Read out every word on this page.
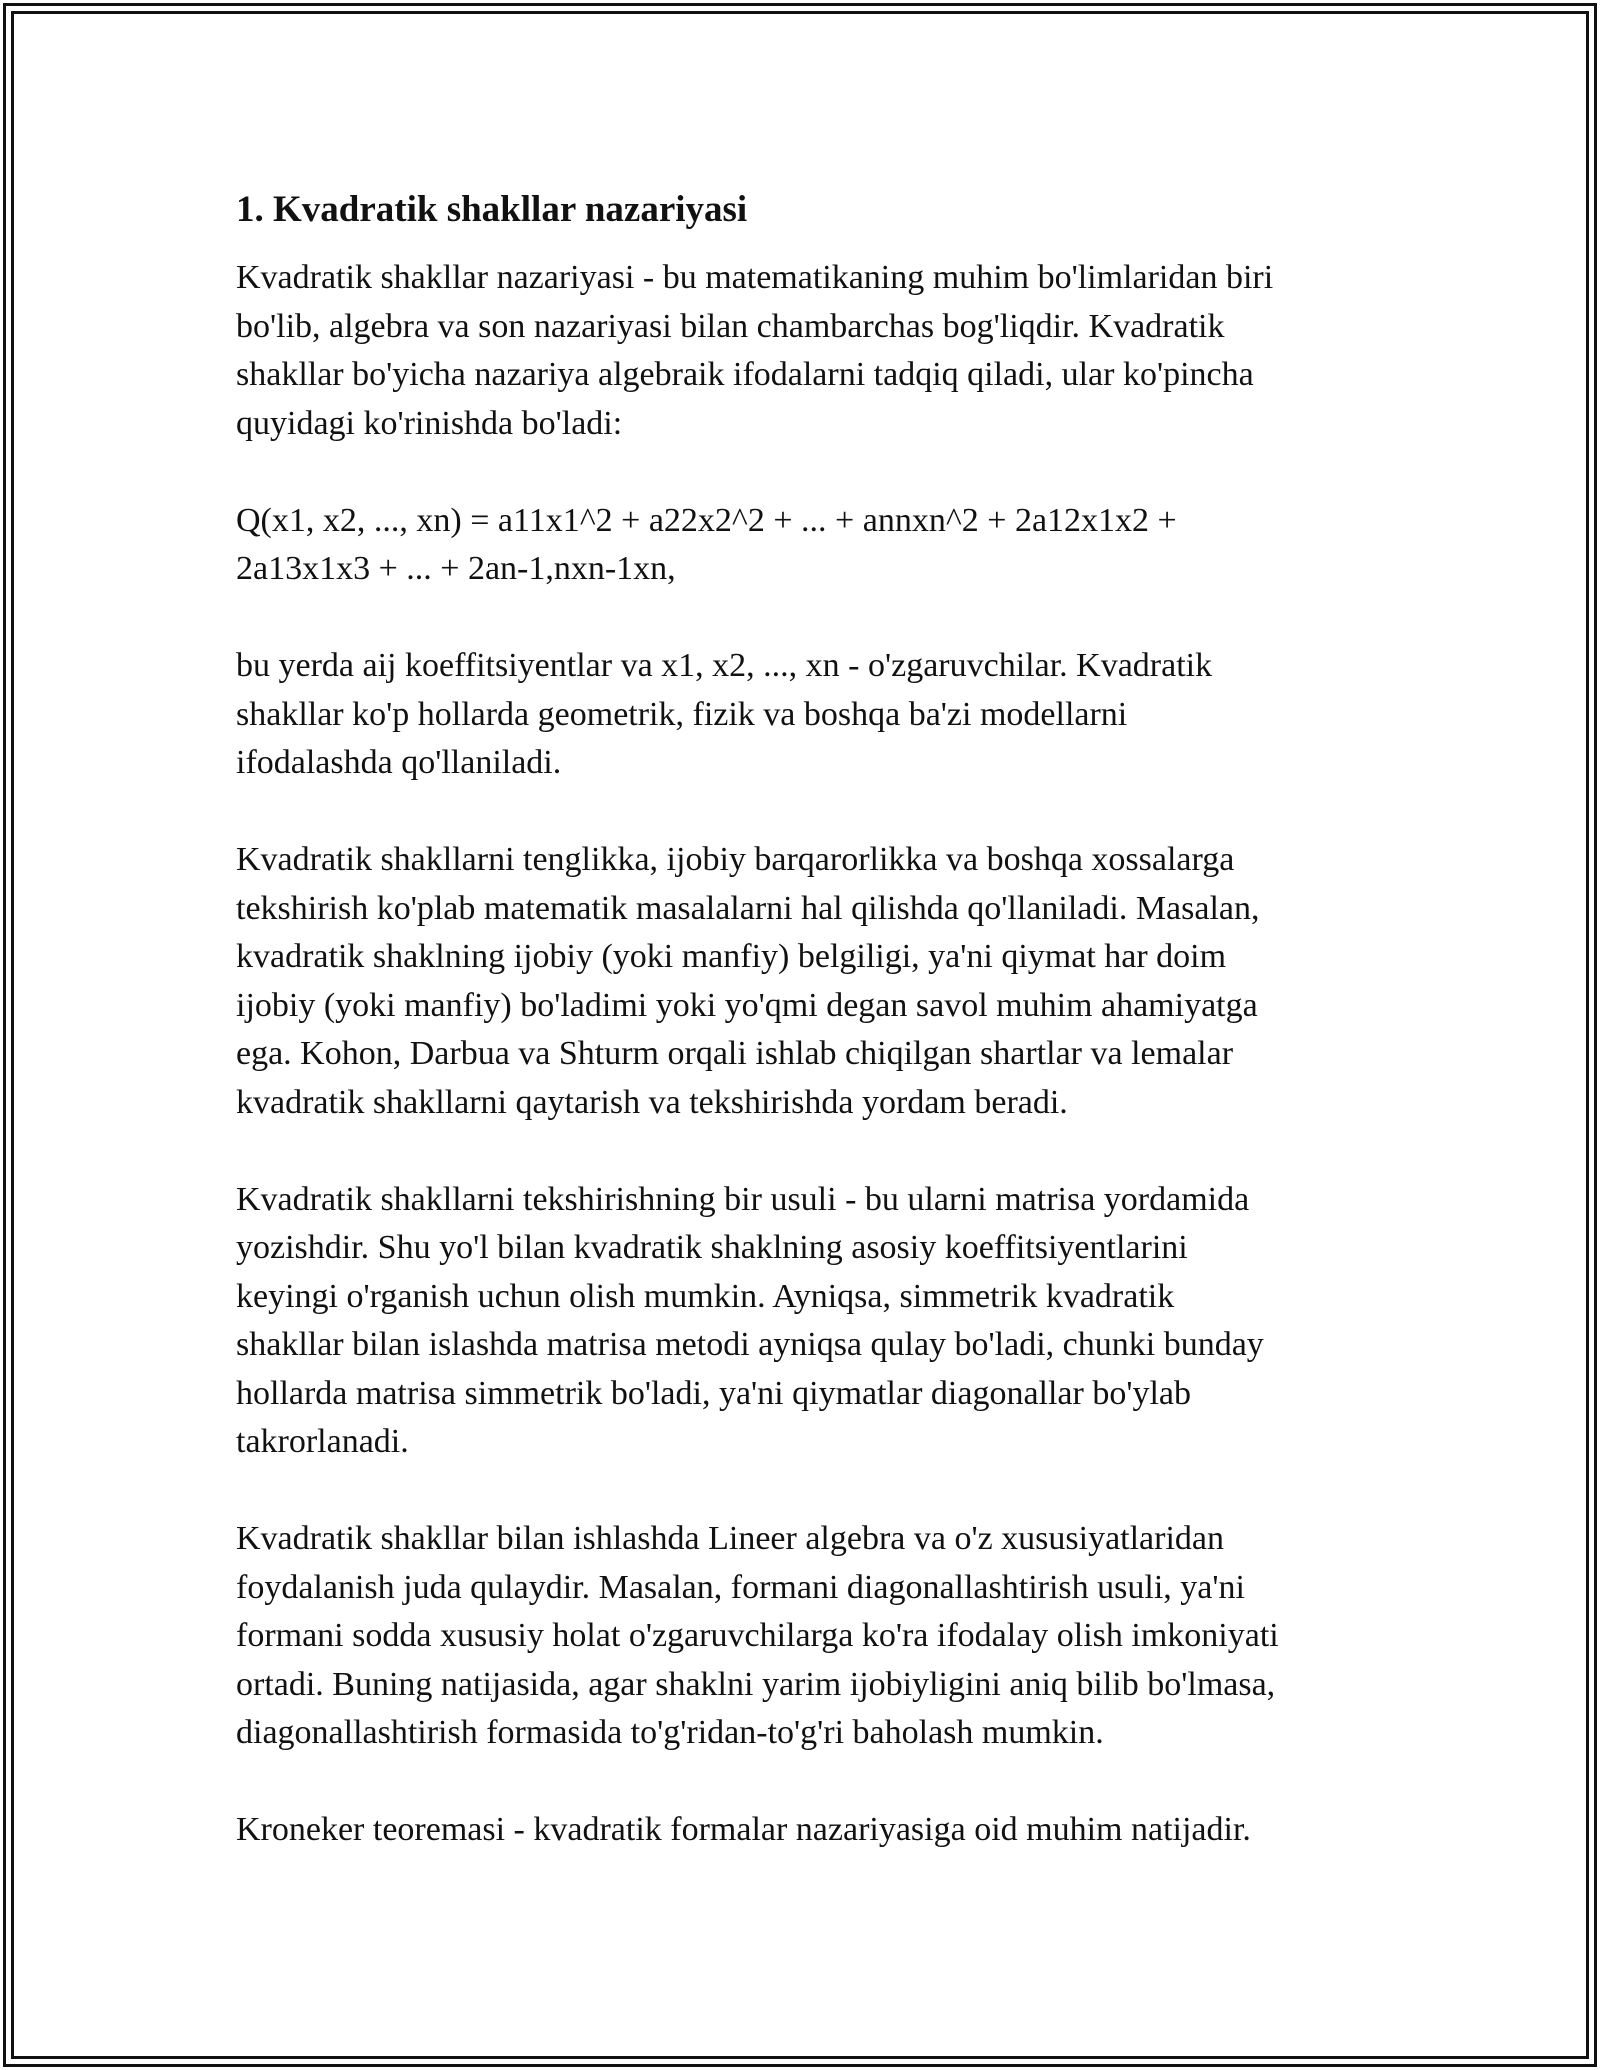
1. Kvadratik shakllar nazariyasi

Kvadratik shakllar nazariyasi - bu matematikaning muhim bo'limlaridan biri
bo'lib, algebra va son nazariyasi bilan chambarchas bog'liqdir. Kvadratik
shakllar bo'yicha nazariya algebraik ifodalarni tadqiq qiladi, ular ko'pincha
quyidagi ko'rinishda bo'ladi:

Q(x1, x2, ..., xn) = a11x1^2 + a22x2^2 + ... + annxn^2 + 2a12x1x2 +
2a13x1x3 + ... + 2an-1,nxn-1xn,

bu yerda aij koeffitsiyentlar va x1, x2, ..., xn - o'zgaruvchilar. Kvadratik
shakllar ko'p hollarda geometrik, fizik va boshqa ba'zi modellarni
ifodalashda qo'llaniladi.

Kvadratik shakllarni tenglikka, ijobiy barqarorlikka va boshqa xossalarga
tekshirish ko'plab matematik masalalarni hal qilishda qo'llaniladi. Masalan,
kvadratik shaklning ijobiy (yoki manfiy) belgiligi, ya'ni qiymat har doim
ijobiy (yoki manfiy) bo'ladimi yoki yo'qmi degan savol muhim ahamiyatga
ega. Kohon, Darbua va Shturm orqali ishlab chiqilgan shartlar va lemalar
kvadratik shakllarni qaytarish va tekshirishda yordam beradi.

Kvadratik shakllarni tekshirishning bir usuli - bu ularni matrisa yordamida
yozishdir. Shu yo'l bilan kvadratik shaklning asosiy koeffitsiyentlarini
keyingi o'rganish uchun olish mumkin. Ayniqsa, simmetrik kvadratik
shakllar bilan islashda matrisa metodi ayniqsa qulay bo'ladi, chunki bunday
hollarda matrisa simmetrik bo'ladi, ya'ni qiymatlar diagonallar bo'ylab
takrorlanadi.

Kvadratik shakllar bilan ishlashda Lineer algebra va o'z xususiyatlaridan
foydalanish juda qulaydir. Masalan, formani diagonallashtirish usuli, ya'ni
formani sodda xususiy holat o'zgaruvchilarga ko'ra ifodalay olish imkoniyati
ortadi. Buning natijasida, agar shaklni yarim ijobiyligini aniq bilib bo'lmasa,
diagonallashtirish formasida to'g'ridan-to'g'ri baholash mumkin.

Kroneker teoremasi - kvadratik formalar nazariyasiga oid muhim natijadir.
